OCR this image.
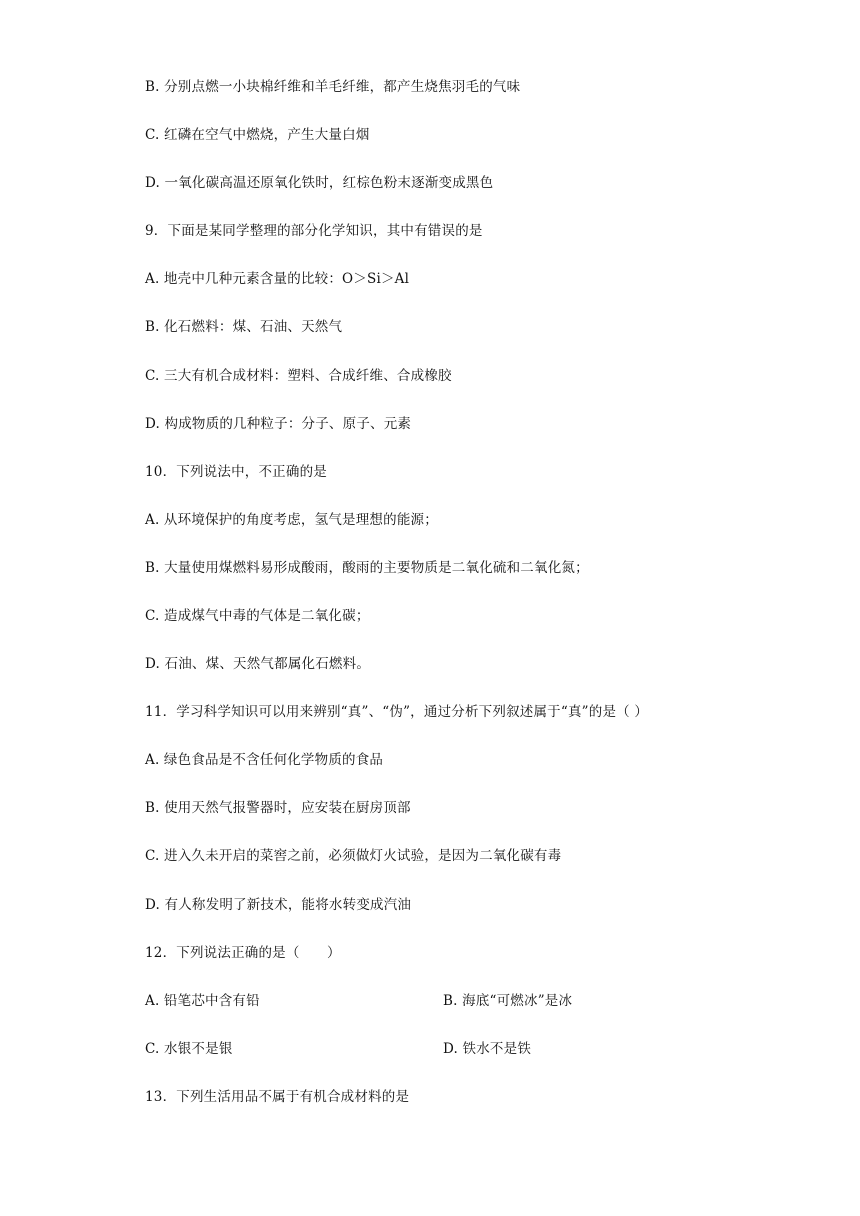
B. 分别点燃一小块棉纤维和羊毛纤维，都产生烧焦羽毛的气味
C. 红磷在空气中燃烧，产生大量白烟
D. 一氧化碳高温还原氧化铁时，红棕色粉末逐渐变成黑色
9．下面是某同学整理的部分化学知识，其中有错误的是
A. 地壳中几种元素含量的比较：O＞Si＞Al
B. 化石燃料：煤、石油、天然气
C. 三大有机合成材料：塑料、合成纤维、合成橡胶
D. 构成物质的几种粒子：分子、原子、元素
10．下列说法中，不正确的是
A. 从环境保护的角度考虑，氢气是理想的能源；
B. 大量使用煤燃料易形成酸雨，酸雨的主要物质是二氧化硫和二氧化氮；
C. 造成煤气中毒的气体是二氧化碳；
D. 石油、煤、天然气都属化石燃料。
11．学习科学知识可以用来辨别“真”、“伪”，通过分析下列叙述属于“真”的是（ ）
A. 绿色食品是不含任何化学物质的食品
B. 使用天然气报警器时，应安装在厨房顶部
C. 进入久未开启的菜窖之前，必须做灯火试验，是因为二氧化碳有毒
D. 有人称发明了新技术，能将水转变成汽油
12．下列说法正确的是（　　）
A. 铅笔芯中含有铅	B. 海底“可燃冰”是冰
C. 水银不是银	D. 铁水不是铁
13．下列生活用品不属于有机合成材料的是
